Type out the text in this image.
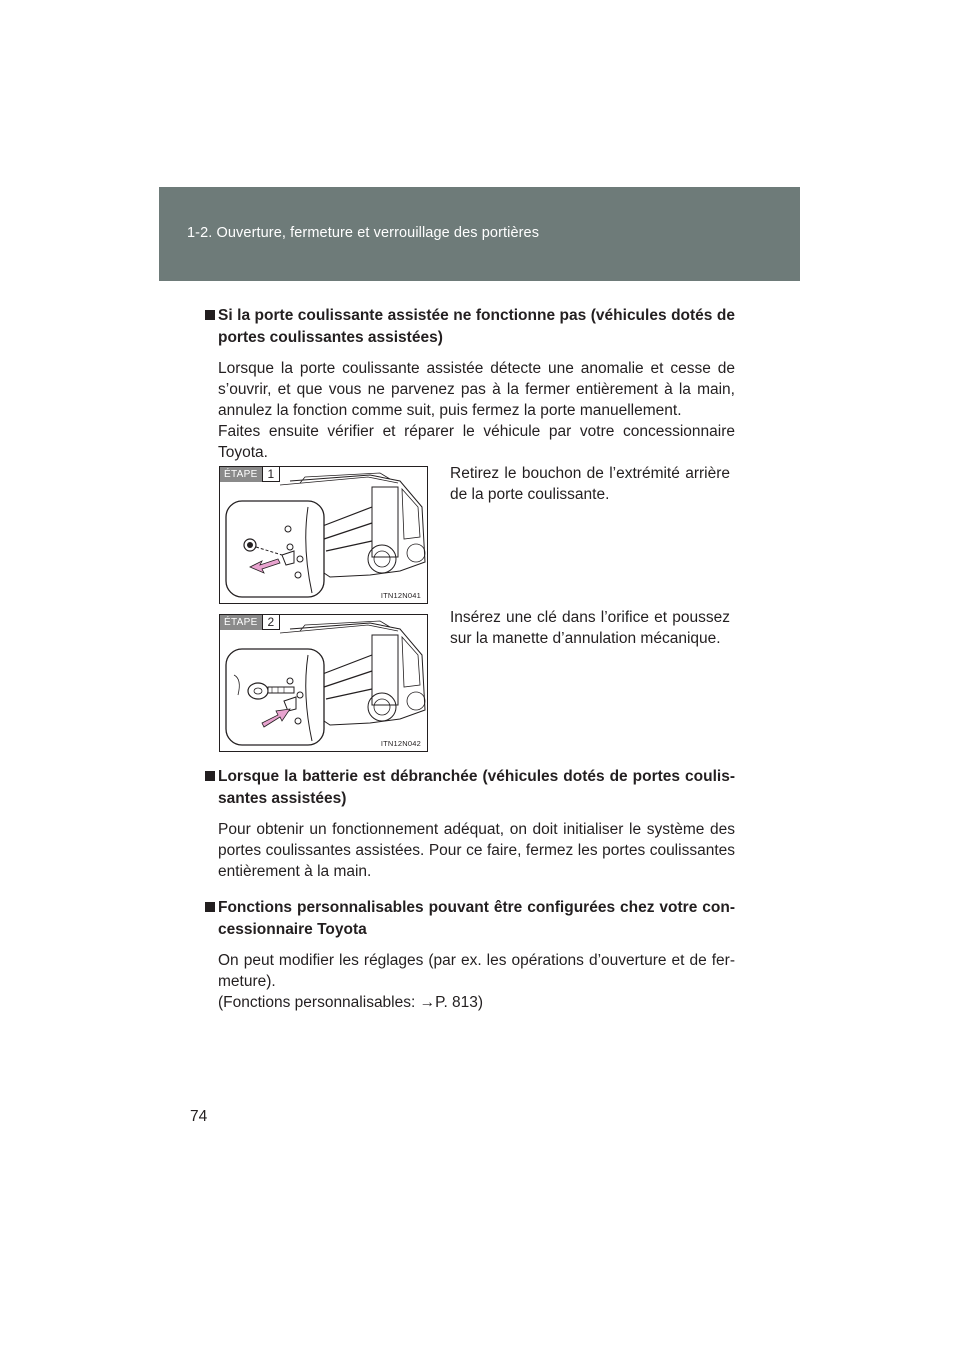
1-2. Ouverture, fermeture et verrouillage des portières

Si la porte coulissante assistée ne fonctionne pas (véhicules dotés de
portes coulissantes assistées)

Lorsque la porte coulissante assistée détecte une anomalie et cesse de
s’ouvrir, et que vous ne parvenez pas à la fermer entièrement à la main,
annulez la fonction comme suit, puis fermez la porte manuellement.
Faites ensuite vérifier et réparer le véhicule par votre concessionnaire
Toyota.
ÉTAPE 1
ITN12N041
Retirez le bouchon de l’extrémité arrière
de la porte coulissante.
ÉTAPE 2
ITN12N042
Insérez une clé dans l’orifice et poussez
sur la manette d’annulation mécanique.

Lorsque la batterie est débranchée (véhicules dotés de portes coulis-
santes assistées)

Pour obtenir un fonctionnement adéquat, on doit initialiser le système des
portes coulissantes assistées. Pour ce faire, fermez les portes coulissantes
entièrement à la main.

Fonctions personnalisables pouvant être configurées chez votre con-
cessionnaire Toyota

On peut modifier les réglages (par ex. les opérations d’ouverture et de fer-
meture).
(Fonctions personnalisables: →P. 813)
74
